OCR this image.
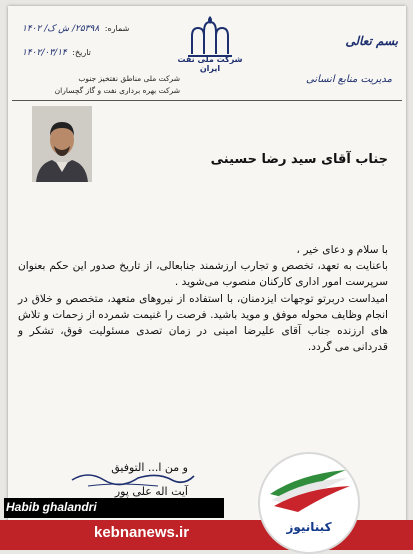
بسم تعالی
مدیریت منابع انسانی
شماره: ۲۵۳۹۸/ ش ک/ ۱۴۰۲
تاریخ: ۱۴۰۲/۰۳/۱۴
شرکت ملی نفت ایران
شرکت ملی مناطق نفتخیز جنوب
شرکت بهره برداری نفت و گاز گچساران
جناب آقای سید رضا حسینی

با سلام و دعای خیر ،

باعنایت به تعهد، تخصص و تجارب ارزشمند جنابعالی، از تاریخ صدور این حکم بعنوان سرپرست امور اداری کارکنان منصوب می‌شوید .

امیداست دربرتو توجهات ایزدمنان، با استفاده از نیروهای متعهد، متخصص و خلاق در انجام وظایف محوله موفق و موید باشید. فرصت را غنیمت شمرده از زحمات و تلاش های ارزنده جناب آقای علیرضا امینی در زمان تصدی مسئولیت فوق، تشکر و قدردانی می گردد.

و من ا... التوفیق
آیت اله علی پور
Habib ghalandri
kebnanews.ir	کبنانیوز
